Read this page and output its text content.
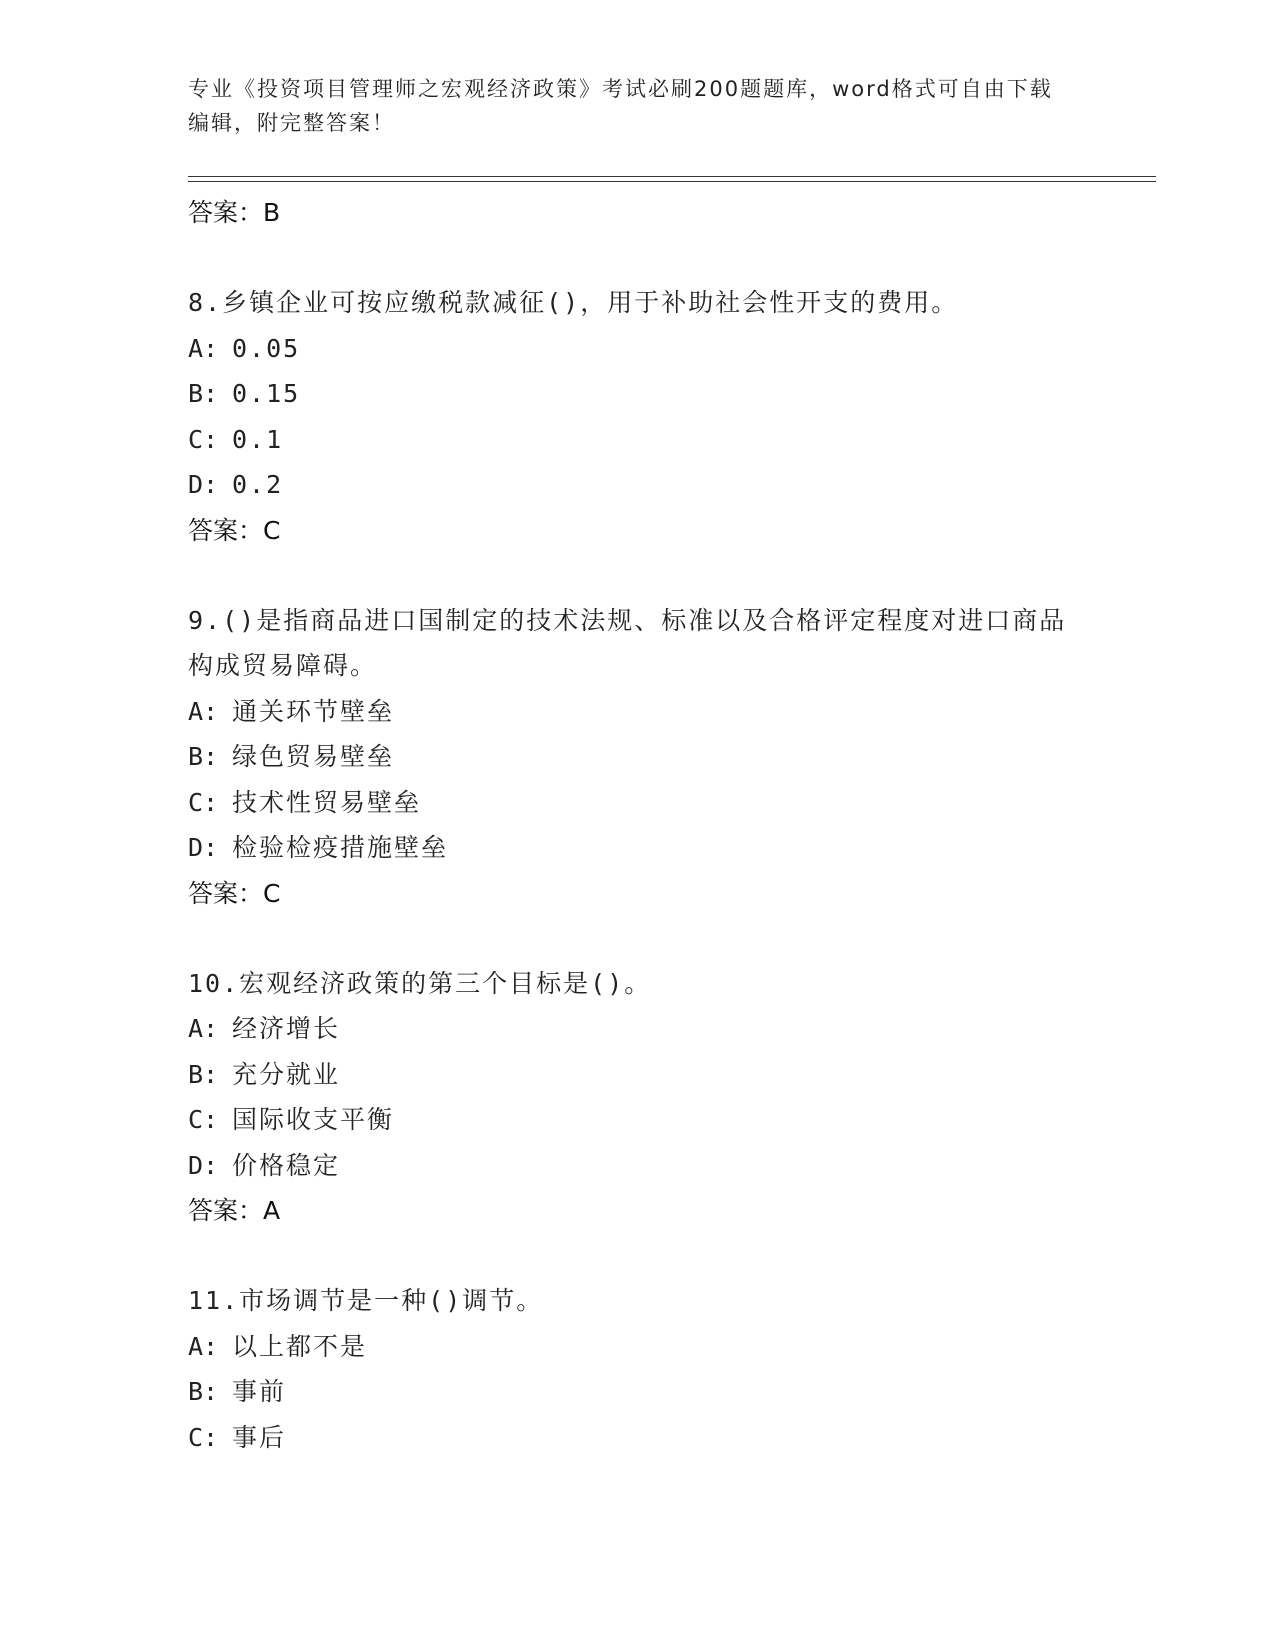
专业《投资项目管理师之宏观经济政策》考试必刷200题题库，word格式可自由下载编辑，附完整答案！
答案：B
8.乡镇企业可按应缴税款减征()，用于补助社会性开支的费用。
A: 0.05
B: 0.15
C: 0.1
D: 0.2
答案：C
9.()是指商品进口国制定的技术法规、标准以及合格评定程度对进口商品构成贸易障碍。
A: 通关环节壁垒
B: 绿色贸易壁垒
C: 技术性贸易壁垒
D: 检验检疫措施壁垒
答案：C
10.宏观经济政策的第三个目标是()。
A: 经济增长
B: 充分就业
C: 国际收支平衡
D: 价格稳定
答案：A
11.市场调节是一种()调节。
A: 以上都不是
B: 事前
C: 事后
